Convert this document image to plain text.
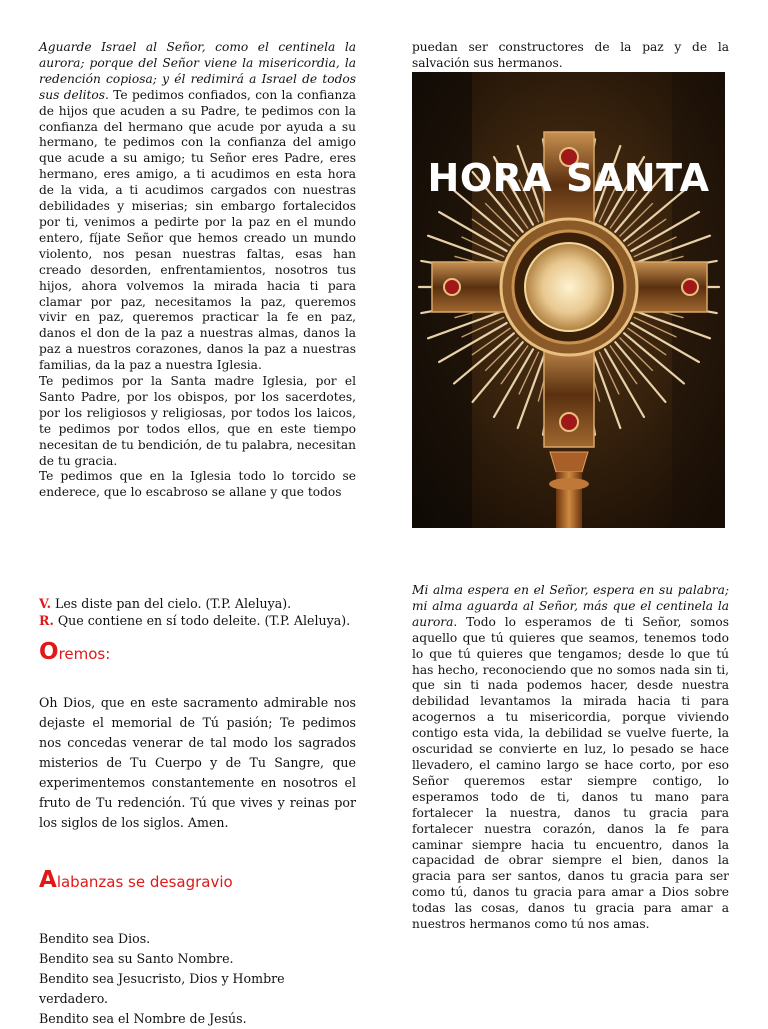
Aguarde Israel al Señor, como el centinela la aurora; porque del Señor viene la misericordia, la redención copiosa; y él redimirá a Israel de todos sus delitos. Te pedimos confiados, con la confianza de hijos que acuden a su Padre, te pedimos con la confianza del hermano que acude por ayuda a su hermano, te pedimos con la confianza del amigo que acude a su amigo; tu Señor eres Padre, eres hermano, eres amigo, a ti acudimos en esta hora de la vida, a ti acudimos cargados con nuestras debilidades y miserias; sin embargo fortalecidos por ti, venimos a pedirte por la paz en el mundo entero, fíjate Señor que hemos creado un mundo violento, nos pesan nuestras faltas, esas han creado desorden, enfrentamientos, nosotros tus hijos, ahora volvemos la mirada hacia ti para clamar por paz, necesitamos la paz, queremos vivir en paz, queremos practicar la fe en paz, danos el don de la paz a nuestras almas, danos la paz a nuestros corazones, danos la paz a nuestras familias, da la paz a nuestra Iglesia.

Te pedimos por la Santa madre Iglesia, por el Santo Padre, por los obispos, por los sacerdotes, por los religiosos y religiosas, por todos los laicos, te pedimos por todos ellos, que en este tiempo necesitan de tu bendición, de tu palabra, necesitan de tu gracia.

Te pedimos que en la Iglesia todo lo torcido se enderece, que lo escabroso se allane y que todos

puedan ser constructores de la paz y de la salvación sus hermanos.

HORA SANTA

V. Les diste pan del cielo. (T.P. Aleluya).

R. Que contiene en sí todo deleite. (T.P. Aleluya).

Oremos:

Oh Dios, que en este sacramento admirable nos dejaste el memorial de Tú pasión; Te pedimos nos concedas venerar de tal modo los sagrados misterios de Tu Cuerpo y de Tu Sangre, que experimentemos constantemente en nosotros el fruto de Tu redención. Tú que vives y reinas por los siglos de los siglos. Amen.

Alabanzas se desagravio

Bendito sea Dios.

Bendito sea su Santo Nombre.

Bendito sea Jesucristo, Dios y Hombre verdadero.

Bendito sea el Nombre de Jesús.

Mi alma espera en el Señor, espera en su palabra; mi alma aguarda al Señor, más que el centinela la aurora. Todo lo esperamos de ti Señor, somos aquello que tú quieres que seamos, tenemos todo lo que tú quieres que tengamos; desde lo que tú has hecho, reconociendo que no somos nada sin ti, que sin ti nada podemos hacer, desde nuestra debilidad levantamos la mirada hacia ti para acogernos a tu misericordia, porque viviendo contigo esta vida, la debilidad se vuelve fuerte, la oscuridad se convierte en luz, lo pesado se hace llevadero, el camino largo se hace corto, por eso Señor queremos estar siempre contigo, lo esperamos todo de ti, danos tu mano para fortalecer la nuestra, danos tu gracia para fortalecer nuestra corazón, danos la fe para caminar siempre hacia tu encuentro, danos la capacidad de obrar siempre el bien, danos la gracia para ser santos, danos tu gracia para ser como tú, danos tu gracia para amar a Dios sobre todas las cosas, danos tu gracia para amar a nuestros hermanos como tú nos amas.
